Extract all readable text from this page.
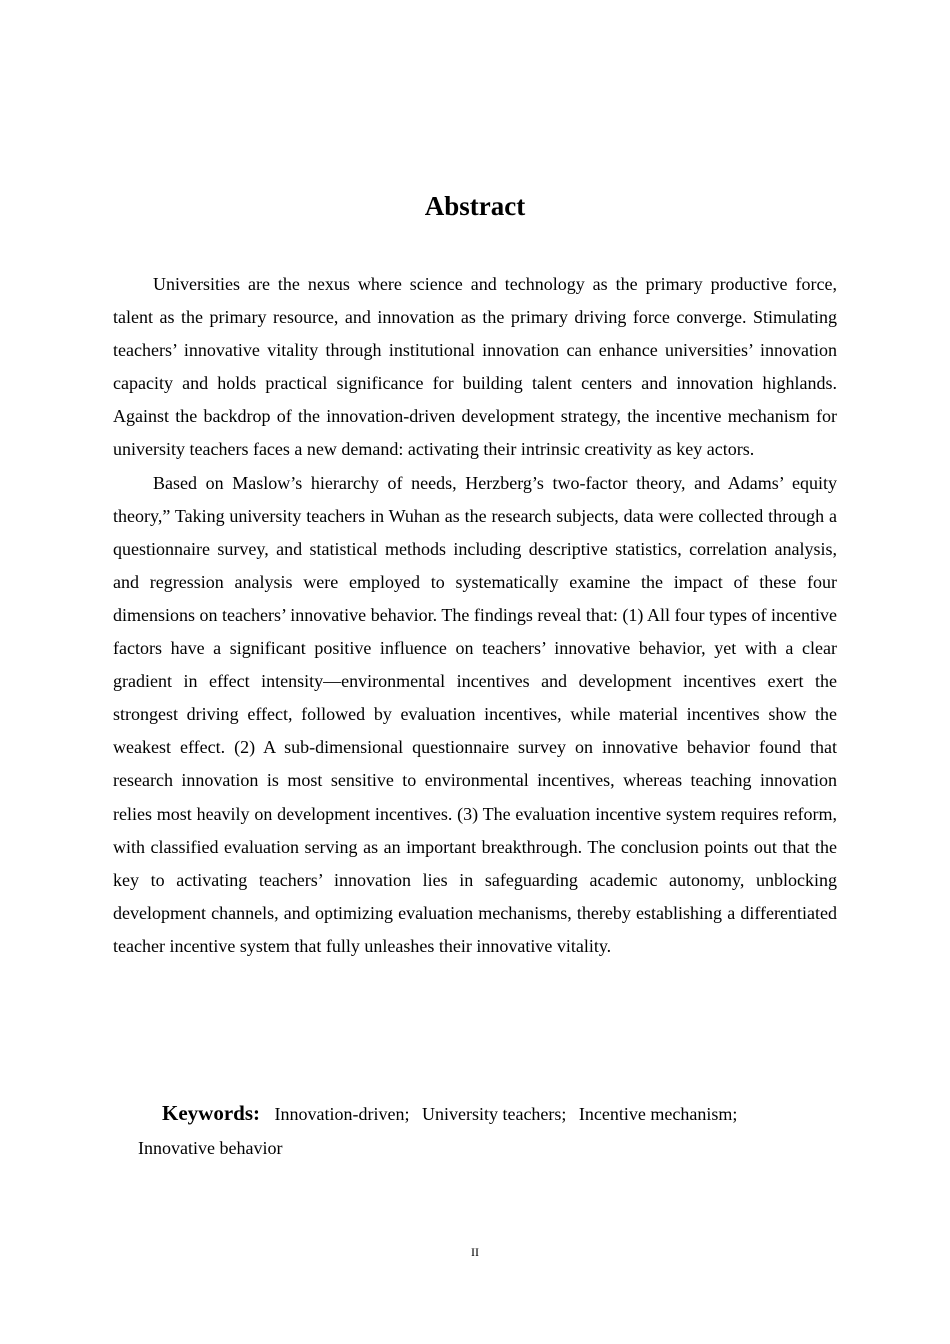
Abstract

Universities are the nexus where science and technology as the primary productive force, talent as the primary resource, and innovation as the primary driving force converge. Stimulating teachers’ innovative vitality through institutional innovation can enhance universities’ innovation capacity and holds practical significance for building talent centers and innovation highlands. Against the backdrop of the innovation-driven development strategy, the incentive mechanism for university teachers faces a new demand: activating their intrinsic creativity as key actors.

Based on Maslow’s hierarchy of needs, Herzberg’s two-factor theory, and Adams’ equity theory,” Taking university teachers in Wuhan as the research subjects, data were collected through a questionnaire survey, and statistical methods including descriptive statistics, correlation analysis, and regression analysis were employed to systematically examine the impact of these four dimensions on teachers’ innovative behavior. The findings reveal that: (1) All four types of incentive factors have a significant positive influence on teachers’ innovative behavior, yet with a clear gradient in effect intensity—environmental incentives and development incentives exert the strongest driving effect, followed by evaluation incentives, while material incentives show the weakest effect. (2) A sub-dimensional questionnaire survey on innovative behavior found that research innovation is most sensitive to environmental incentives, whereas teaching innovation relies most heavily on development incentives. (3) The evaluation incentive system requires reform, with classified evaluation serving as an important breakthrough. The conclusion points out that the key to activating teachers’ innovation lies in safeguarding academic autonomy, unblocking development channels, and optimizing evaluation mechanisms, thereby establishing a differentiated teacher incentive system that fully unleashes their innovative vitality.

Keywords: Innovation-driven; University teachers; Incentive mechanism;
Innovative behavior
II
